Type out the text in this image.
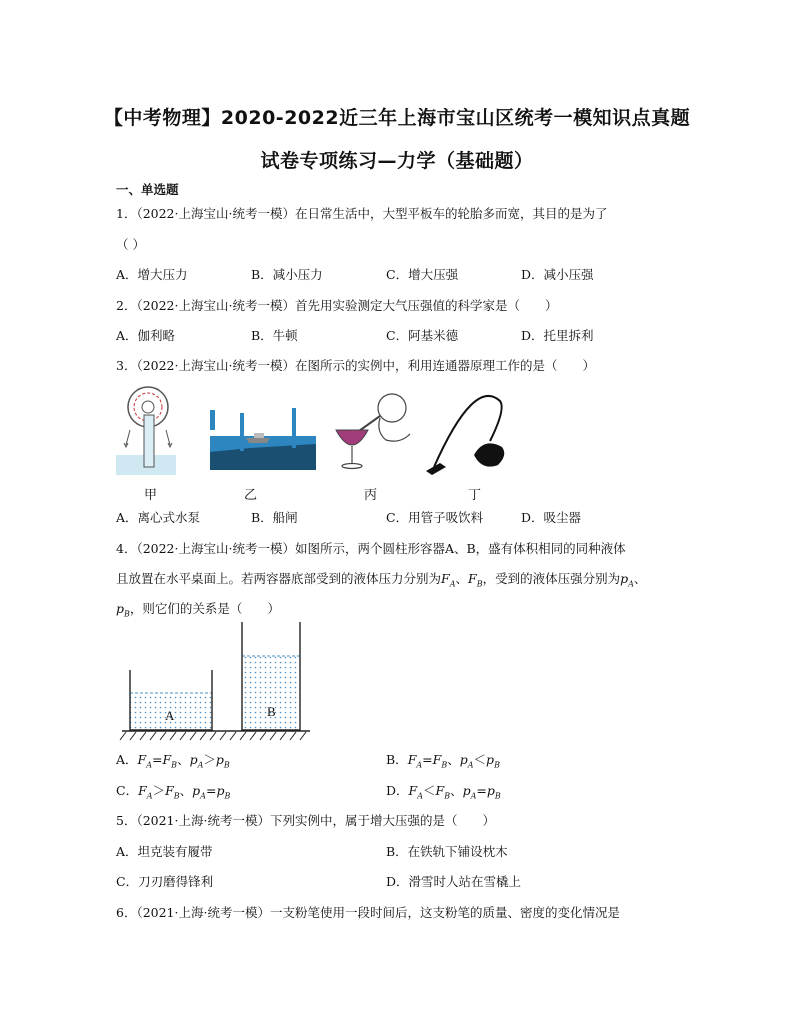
【中考物理】2020-2022近三年上海市宝山区统考一模知识点真题
试卷专项练习—力学（基础题）
一、单选题
1．（2022·上海宝山·统考一模）在日常生活中，大型平板车的轮胎多而宽，其目的是为了
（ ）
A．增大压力	B．减小压力	C．增大压强	D．减小压强
2．（2022·上海宝山·统考一模）首先用实验测定大气压强值的科学家是（　　）
A．伽利略	B．牛顿	C．阿基米德	D．托里拆利
3．（2022·上海宝山·统考一模）在图所示的实例中，利用连通器原理工作的是（　　）
甲	乙	丙	丁
A．离心式水泵	B．船闸	C．用管子吸饮料	D．吸尘器
4．（2022·上海宝山·统考一模）如图所示，两个圆柱形容器A、B，盛有体积相同的同种液体
且放置在水平桌面上。若两容器底部受到的液体压力分别为$F_A$、$F_B$，受到的液体压强分别为$p_A$、
$p_B$，则它们的关系是（　　）
A	B
A．$F_A=F_B$、$p_A>p_B$	B．$F_A=F_B$、$p_A<p_B$
C．$F_A>F_B$、$p_A=p_B$	D．$F_A<F_B$、$p_A=p_B$
5．（2021·上海·统考一模）下列实例中，属于增大压强的是（　　）
A．坦克装有履带	B．在铁轨下铺设枕木
C．刀刃磨得锋利	D．滑雪时人站在雪橇上
6．（2021·上海·统考一模）一支粉笔使用一段时间后，这支粉笔的质量、密度的变化情况是
